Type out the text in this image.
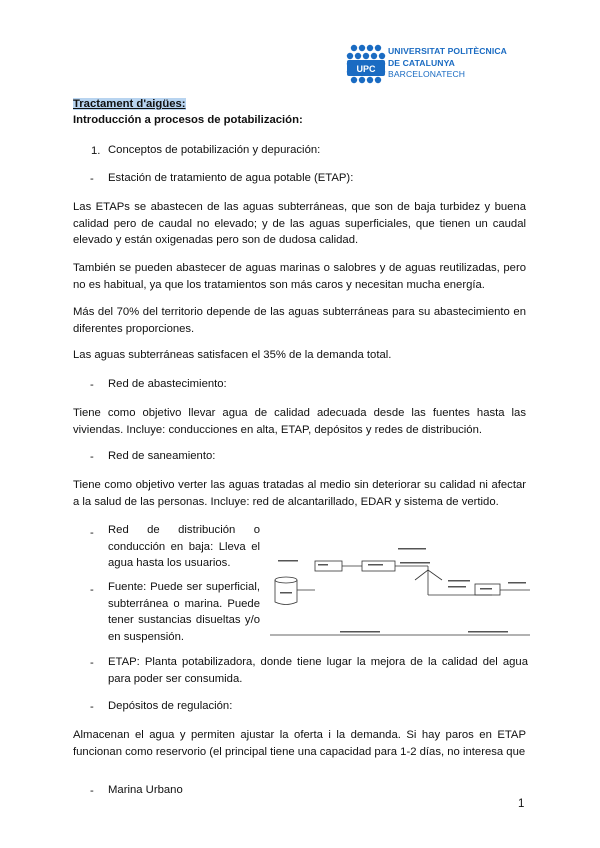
UPC
UNIVERSITAT POLITÈCNICA
DE CATALUNYA
BARCELONATECH
Tractament d'aigües:
Introducción a procesos de potabilización:
1. Conceptos de potabilización y depuración:
- Estación de tratamiento de agua potable (ETAP):
Las ETAPs se abastecen de las aguas subterráneas, que son de baja turbidez y buena calidad pero de caudal no elevado; y de las aguas superficiales, que tienen un caudal elevado y están oxigenadas pero son de dudosa calidad.
También se pueden abastecer de aguas marinas o salobres y de aguas reutilizadas, pero no es habitual, ya que los tratamientos son más caros y necesitan mucha energía.
Más del 70% del territorio depende de las aguas subterráneas para su abastecimiento en diferentes proporciones.
Las aguas subterráneas satisfacen el 35% de la demanda total.
- Red de abastecimiento:
Tiene como objetivo llevar agua de calidad adecuada desde las fuentes hasta las viviendas. Incluye: conducciones en alta, ETAP, depósitos y redes de distribución.
- Red de saneamiento:
Tiene como objetivo verter las aguas tratadas al medio sin deteriorar su calidad ni afectar a la salud de las personas. Incluye: red de alcantarillado, EDAR y sistema de vertido.
- Red de distribución o conducción en baja: Lleva el agua hasta los usuarios.
- Fuente: Puede ser superficial, subterránea o marina. Puede tener sustancias disueltas y/o en suspensión.
- ETAP: Planta potabilizadora, donde tiene lugar la mejora de la calidad del agua para poder ser consumida.
- Depósitos de regulación:
Almacenan el agua y permiten ajustar la oferta i la demanda. Si hay paros en ETAP funcionan como reservorio (el principal tiene una capacidad para 1-2 días, no interesa que
- Marina Urbano
1
